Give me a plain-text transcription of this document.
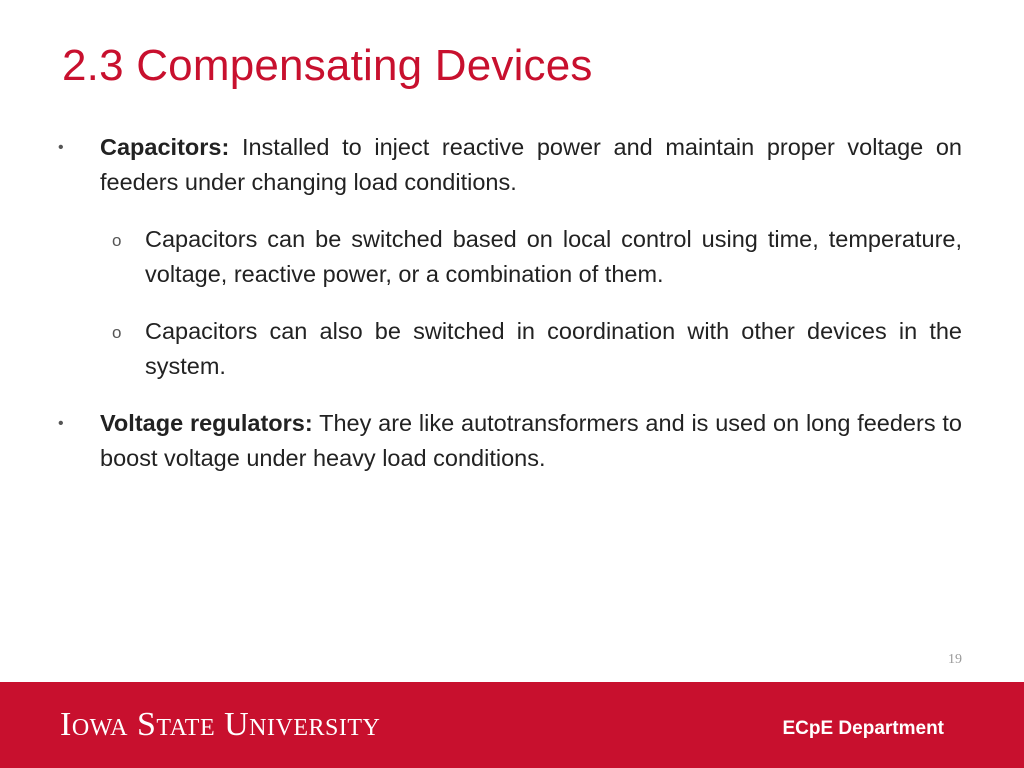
2.3 Compensating Devices
• Capacitors: Installed to inject reactive power and maintain proper voltage on feeders under changing load conditions.
o Capacitors can be switched based on local control using time, temperature, voltage, reactive power, or a combination of them.
o Capacitors can also be switched in coordination with other devices in the system.
• Voltage regulators: They are like autotransformers and is used on long feeders to boost voltage under heavy load conditions.
19
Iowa State University	ECpE Department
